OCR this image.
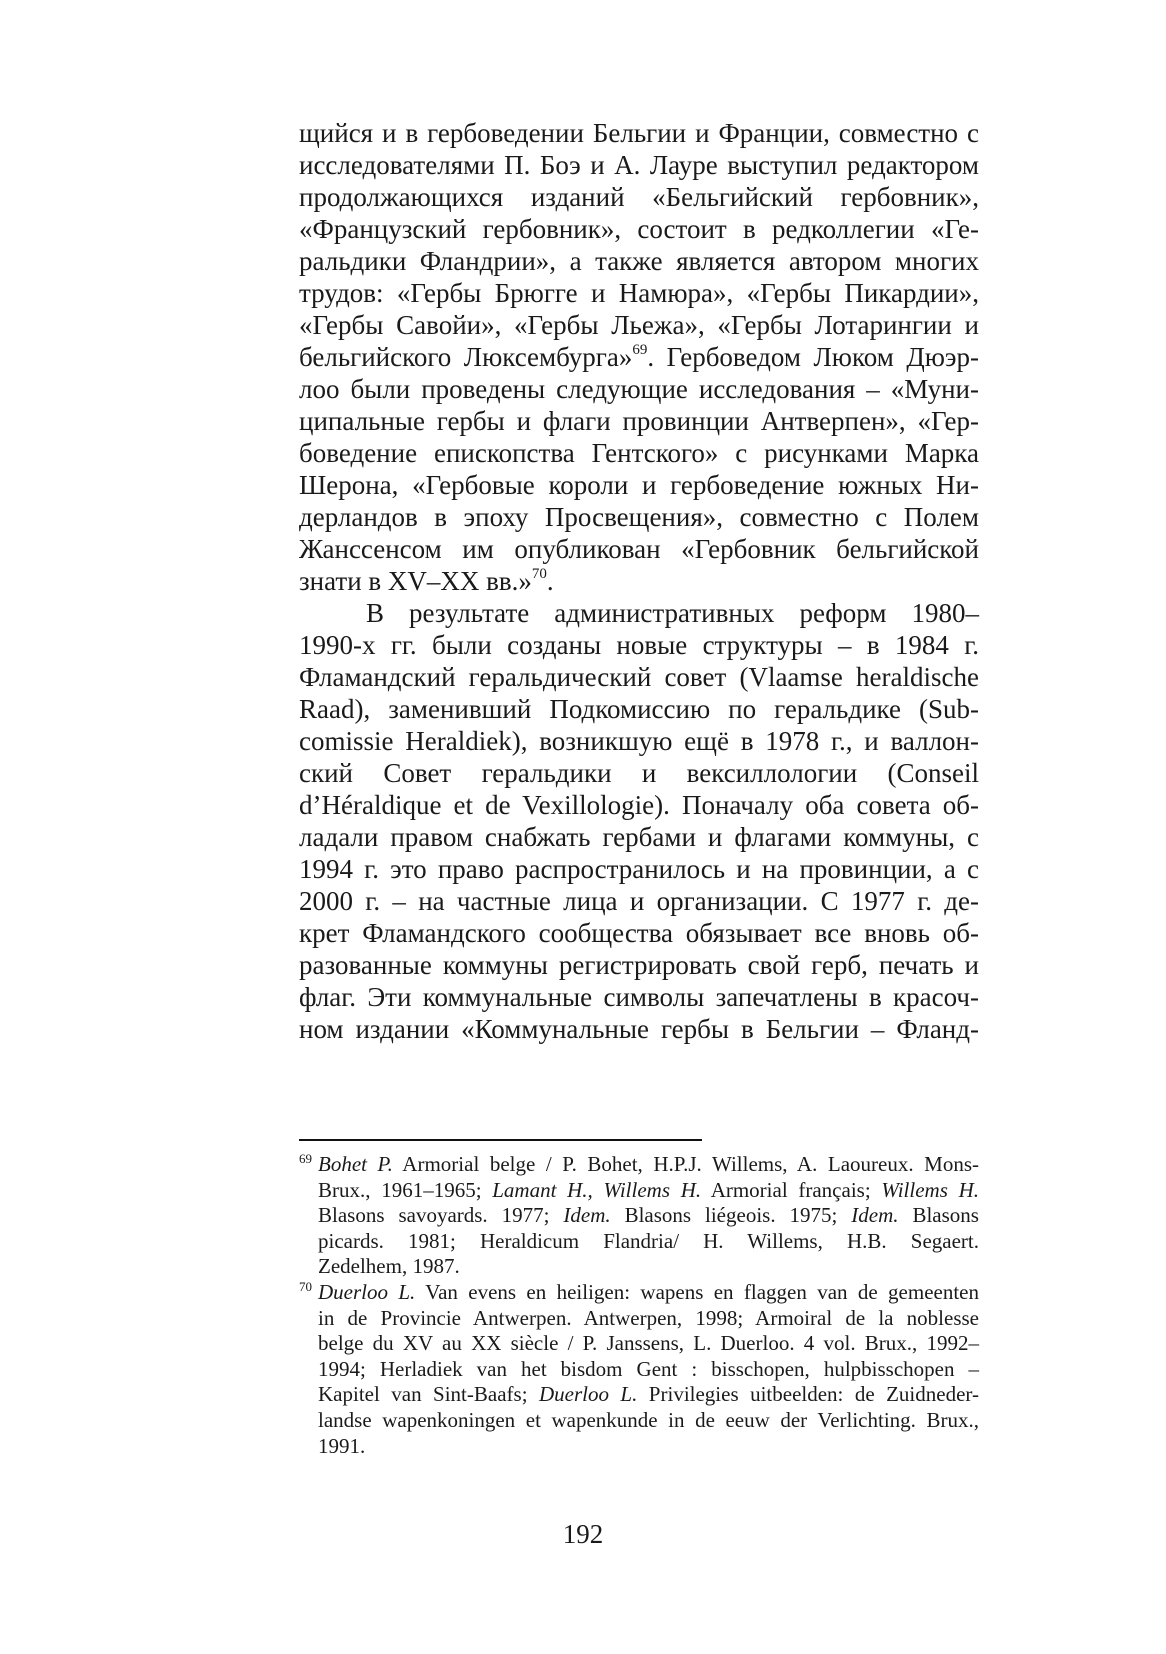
щийся и в гербоведении Бельгии и Франции, совместно с
исследователями П. Боэ и А. Лауре выступил редактором
продолжающихся изданий «Бельгийский гербовник»,
«Французский гербовник», состоит в редколлегии «Ге-
ральдики Фландрии», а также является автором многих
трудов: «Гербы Брюгге и Намюра», «Гербы Пикардии»,
«Гербы Савойи», «Гербы Льежа», «Гербы Лотарингии и
бельгийского Люксембурга»$^{69}$. Гербоведом Люком Дюэр-
лоо были проведены следующие исследования – «Муни-
ципальные гербы и флаги провинции Антверпен», «Гер-
боведение епископства Гентского» с рисунками Марка
Шерона, «Гербовые короли и гербоведение южных Ни-
дерландов в эпоху Просвещения», совместно с Полем
Жанссенсом им опубликован «Гербовник бельгийской
знати в XV–XX вв.»$^{70}$.
В результате административных реформ 1980–
1990-х гг. были созданы новые структуры – в 1984 г.
Фламандский геральдический совет (Vlaamse heraldische
Raad), заменивший Подкомиссию по геральдике (Sub-
comissie Heraldiek), возникшую ещё в 1978 г., и валлон-
ский Совет геральдики и вексиллологии (Conseil
d’Héraldique et de Vexillologie). Поначалу оба совета об-
ладали правом снабжать гербами и флагами коммуны, с
1994 г. это право распространилось и на провинции, а с
2000 г. – на частные лица и организации. С 1977 г. де-
крет Фламандского сообщества обязывает все вновь об-
разованные коммуны регистрировать свой герб, печать и
флаг. Эти коммунальные символы запечатлены в красоч-
ном издании «Коммунальные гербы в Бельгии – Фланд-
$^{69}$ Bohet P. Armorial belge / P. Bohet, H.P.J. Willems, A. Laoureux. Mons-
Brux., 1961–1965; Lamant H., Willems H. Armorial français; Willems H.
Blasons savoyards. 1977; Idem. Blasons liégeois. 1975; Idem. Blasons
picards. 1981; Heraldicum Flandria/ H. Willems, H.B. Segaert.
Zedelhem, 1987.
$^{70}$ Duerloo L. Van evens en heiligen: wapens en flaggen van de gemeenten
in de Provincie Antwerpen. Antwerpen, 1998; Armoiral de la noblesse
belge du XV au XX siècle / P. Janssens, L. Duerloo. 4 vol. Brux., 1992–
1994; Herladiek van het bisdom Gent : bisschopen, hulpbisschopen –
Kapitel van Sint-Baafs; Duerloo L. Privilegies uitbeelden: de Zuidneder-
landse wapenkoningen et wapenkunde in de eeuw der Verlichting. Brux.,
1991.
192
